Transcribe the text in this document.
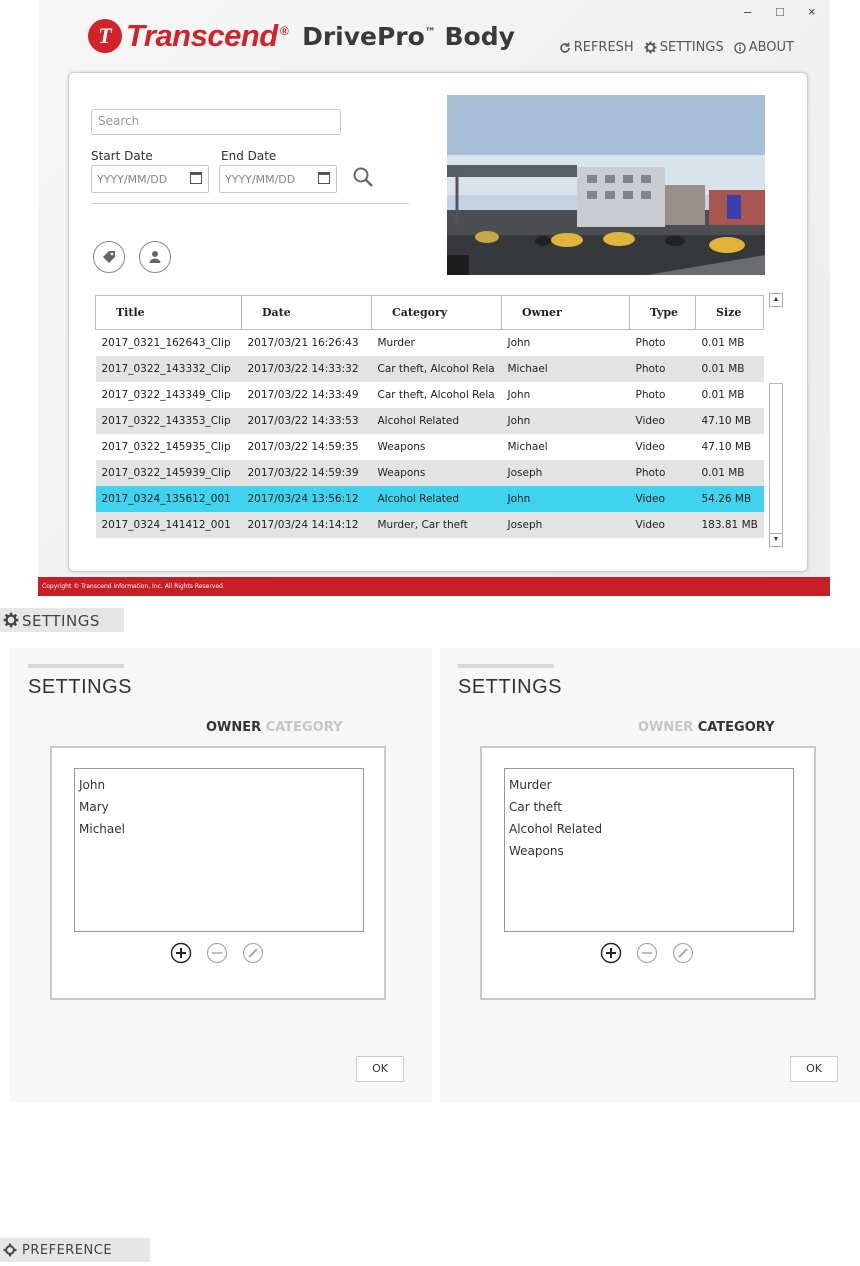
– □ ×
T Transcend ® DrivePro™ Body	REFRESH SETTINGS ABOUT
Search
Start Date	End Date
YYYY/MM/DD	YYYY/MM/DD
Title	Date	Category	Owner	Type	Size
2017_0321_162643_Clip	2017/03/21 16:26:43	Murder	John	Photo	0.01 MB
2017_0322_143332_Clip	2017/03/22 14:33:32	Car theft, Alcohol Rela	Michael	Photo	0.01 MB
2017_0322_143349_Clip	2017/03/22 14:33:49	Car theft, Alcohol Rela	John	Photo	0.01 MB
2017_0322_143353_Clip	2017/03/22 14:33:53	Alcohol Related	John	Video	47.10 MB
2017_0322_145935_Clip	2017/03/22 14:59:35	Weapons	Michael	Video	47.10 MB
2017_0322_145939_Clip	2017/03/22 14:59:39	Weapons	Joseph	Photo	0.01 MB
2017_0324_135612_001	2017/03/24 13:56:12	Alcohol Related	John	Video	54.26 MB
2017_0324_141412_001	2017/03/24 14:14:12	Murder, Car theft	Joseph	Video	183.81 MB
▲
▼
Copyright © Transcend Information, Inc. All Rights Reserved.
SETTINGS
SETTINGS
OWNER CATEGORY
John
Mary
Michael
OK
SETTINGS
OWNER CATEGORY
Murder
Car theft
Alcohol Related
Weapons
OK
PREFERENCE
